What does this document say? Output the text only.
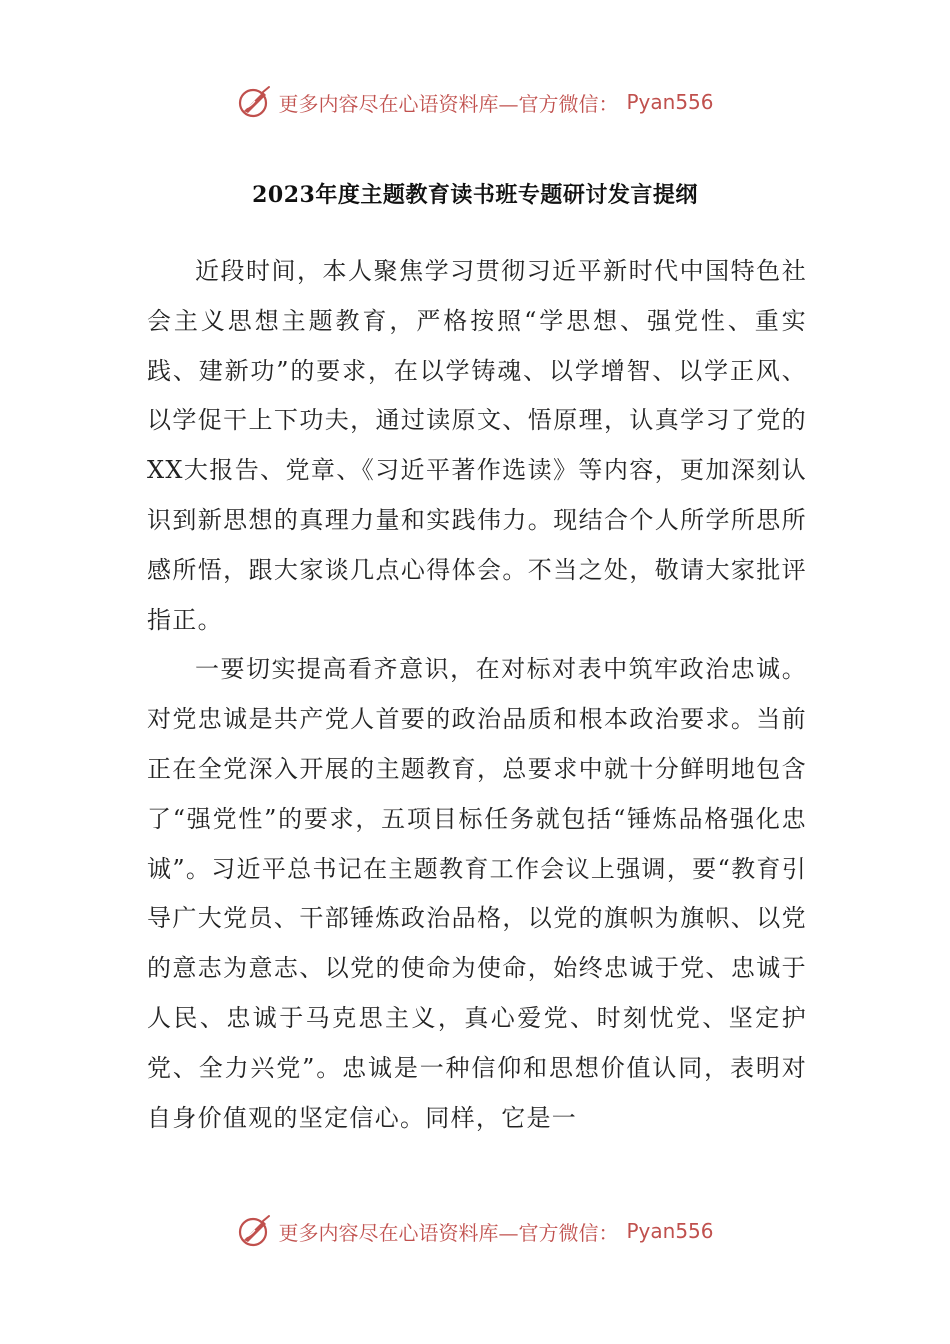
更多内容尽在心语资料库—官方微信： Pyan556
2023年度主题教育读书班专题研讨发言提纲

近段时间，本人聚焦学习贯彻习近平新时代中国特色社会主义思想主题教育，严格按照“学思想、强党性、重实践、建新功”的要求，在以学铸魂、以学增智、以学正风、以学促干上下功夫，通过读原文、悟原理，认真学习了党的XX大报告、党章、《习近平著作选读》等内容，更加深刻认识到新思想的真理力量和实践伟力。现结合个人所学所思所感所悟，跟大家谈几点心得体会。不当之处，敬请大家批评指正。

一要切实提高看齐意识，在对标对表中筑牢政治忠诚。对党忠诚是共产党人首要的政治品质和根本政治要求。当前正在全党深入开展的主题教育，总要求中就十分鲜明地包含了“强党性”的要求，五项目标任务就包括“锤炼品格强化忠诚”。习近平总书记在主题教育工作会议上强调，要“教育引导广大党员、干部锤炼政治品格，以党的旗帜为旗帜、以党的意志为意志、以党的使命为使命，始终忠诚于党、忠诚于人民、忠诚于马克思主义，真心爱党、时刻忧党、坚定护党、全力兴党”。忠诚是一种信仰和思想价值认同，表明对自身价值观的坚定信心。同样，它是一

更多内容尽在心语资料库—官方微信： Pyan556
